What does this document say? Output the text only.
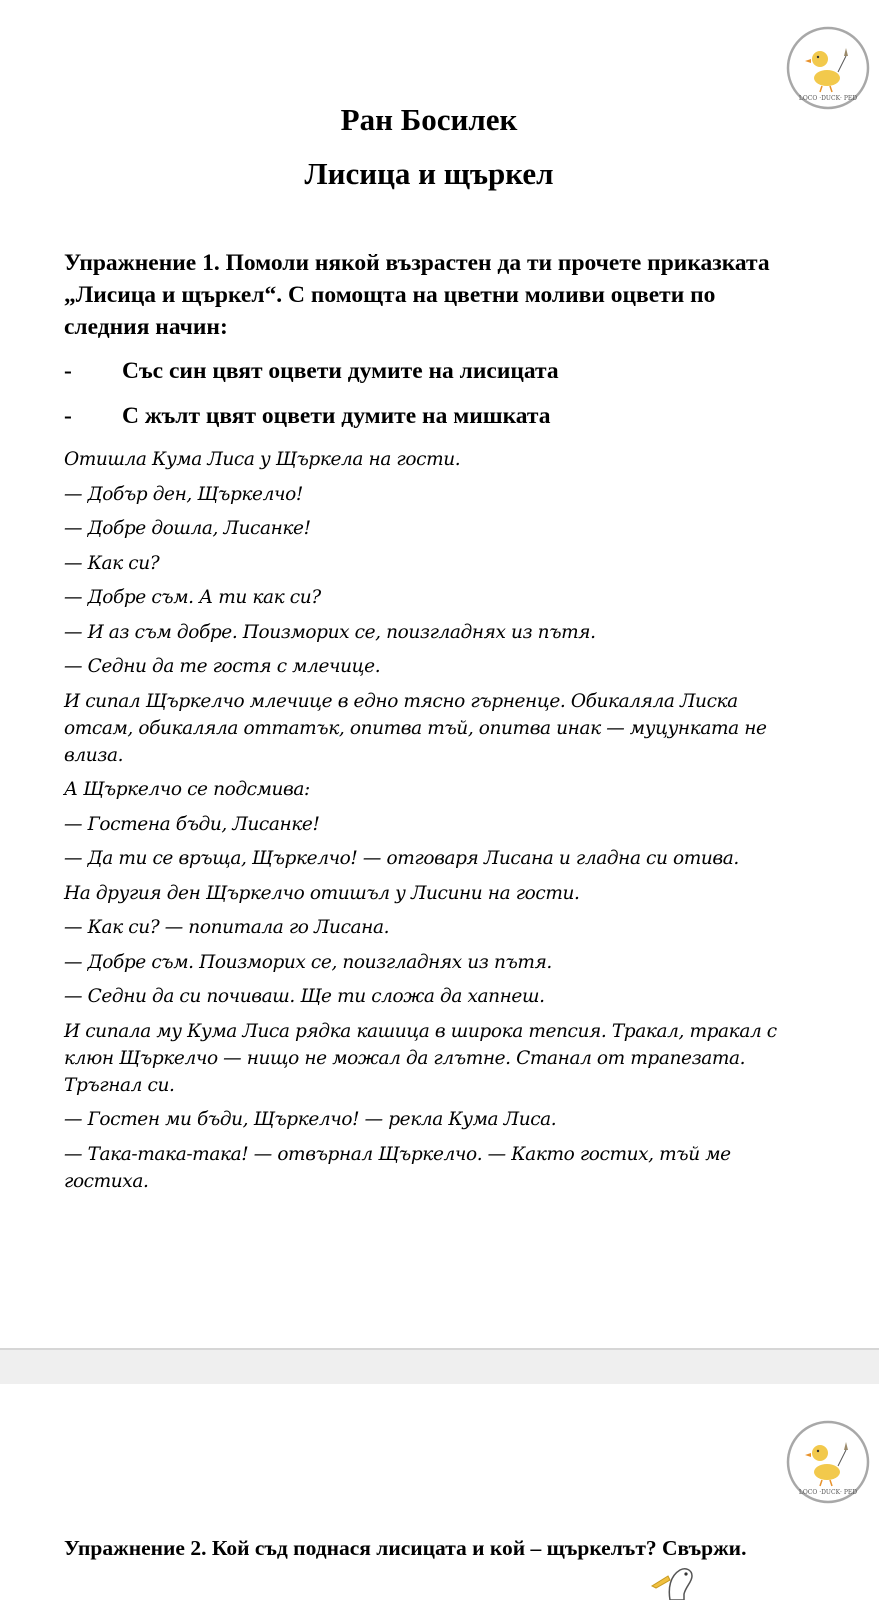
LOCO ·DUCK· PED
Ран Босилек
Лисица и щъркел

Упражнение 1. Помоли някой възрастен да ти прочете приказката „Лисица и щъркел“. С помощта на цветни моливи оцвети по следния начин:

- Със син цвят оцвети думите на лисицата
- С жълт цвят оцвети думите на мишката
Отишла Кума Лиса у Щъркела на гости.
— Добър ден, Щъркелчо!
— Добре дошла, Лисанке!
— Как си?
— Добре съм. А ти как си?
— И аз съм добре. Поизморих се, поизгладнях из пътя.
— Седни да те гостя с млечице.
И сипал Щъркелчо млечице в едно тясно гърненце. Обикаляла Лиска отсам, обикаляла оттатък, опитва тъй, опитва инак — муцунката не влиза.
А Щъркелчо се подсмива:
— Гостена бъди, Лисанке!
— Да ти се връща, Щъркелчо! — отговаря Лисана и гладна си отива.
На другия ден Щъркелчо отишъл у Лисини на гости.
— Как си? — попитала го Лисана.
— Добре съм. Поизморих се, поизгладнях из пътя.
— Седни да си почиваш. Ще ти сложа да хапнеш.
И сипала му Кума Лиса рядка кашица в широка тепсия. Тракал, тракал с клюн Щъркелчо — нищо не можал да глътне. Станал от трапезата. Тръгнал си.
— Гостен ми бъди, Щъркелчо! — рекла Кума Лиса.
— Така-така-така! — отвърнал Щъркелчо. — Както гостих, тъй ме гостиха.
LOCO ·DUCK· PED

Упражнение 2. Кой съд поднася лисицата и кой – щъркелът? Свържи.
